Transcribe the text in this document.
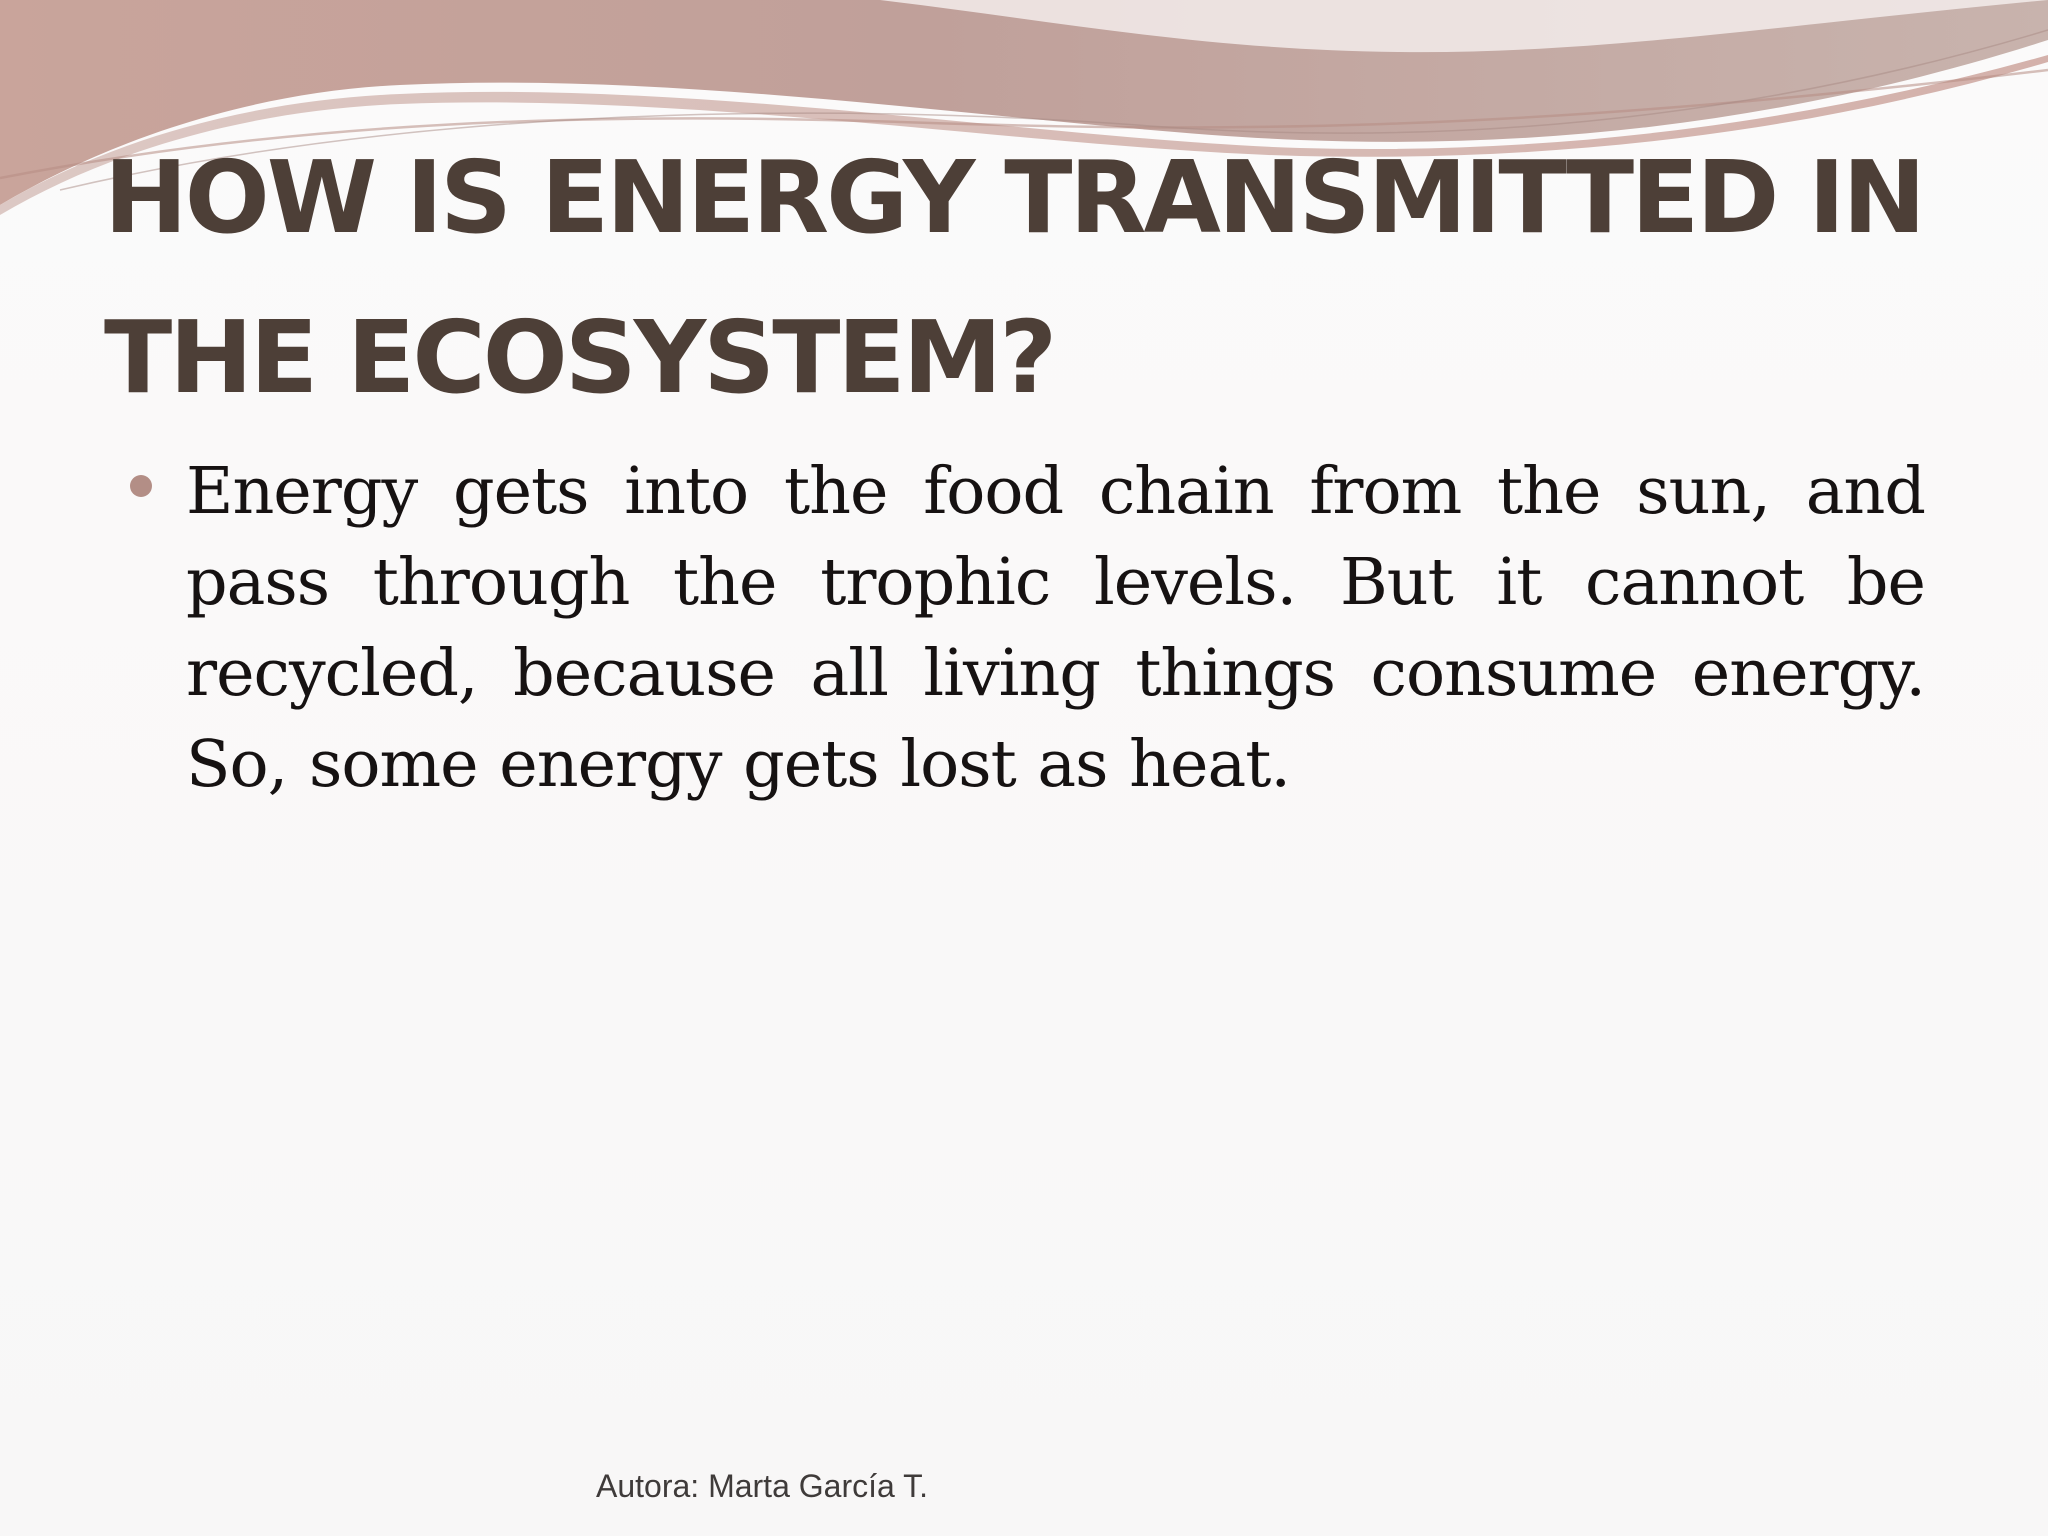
HOW IS ENERGY TRANSMITTED IN THE ECOSYSTEM?
Energy gets into the food chain from the sun, and pass through the trophic levels. But it cannot be recycled, because all living things consume energy. So, some energy gets lost as heat.
Autora: Marta García T.
